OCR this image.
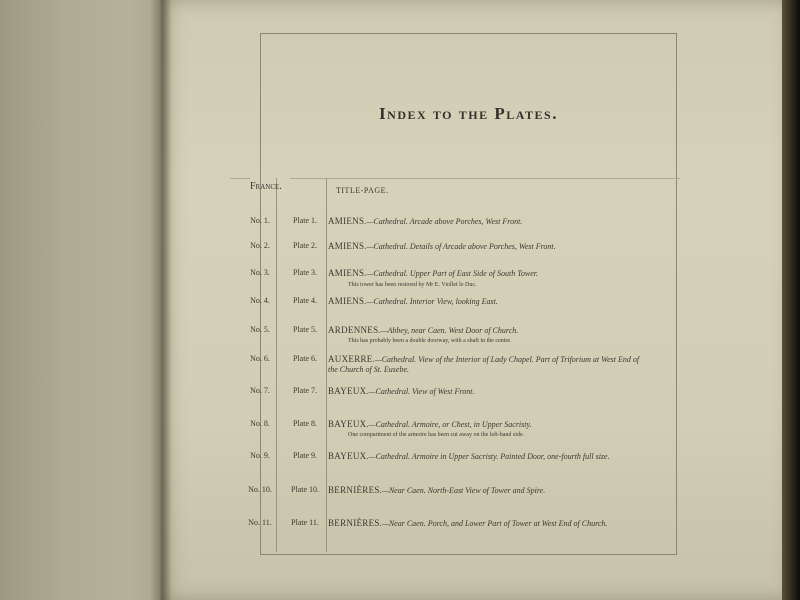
Index to the Plates.
France.	TITLE-PAGE.
No. 1.	Plate 1.	AMIENS.—Cathedral. Arcade above Porches, West Front.
No. 2.	Plate 2.	AMIENS.—Cathedral. Details of Arcade above Porches, West Front.
No. 3.	Plate 3.	AMIENS.—Cathedral. Upper Part of East Side of South Tower.
This tower has been restored by Mr E. Viollet le Duc.
No. 4.	Plate 4.	AMIENS.—Cathedral. Interior View, looking East.
No. 5.	Plate 5.	ARDENNES.—Abbey, near Caen. West Door of Church.
This has probably been a double doorway, with a shaft in the centre.
No. 6.	Plate 6.	AUXERRE.—Cathedral. View of the Interior of Lady Chapel. Part of Triforium at West End of the Church of St. Eusebe.
No. 7.	Plate 7.	BAYEUX.—Cathedral. View of West Front.
No. 8.	Plate 8.	BAYEUX.—Cathedral. Armoire, or Chest, in Upper Sacristy.
One compartment of the armoire has been cut away on the left-hand side.
No. 9.	Plate 9.	BAYEUX.—Cathedral. Armoire in Upper Sacristy. Painted Door, one-fourth full size.
No. 10.	Plate 10.	BERNIÈRES.—Near Caen. North-East View of Tower and Spire.
No. 11.	Plate 11.	BERNIÈRES.—Near Caen. Porch, and Lower Part of Tower at West End of Church.
